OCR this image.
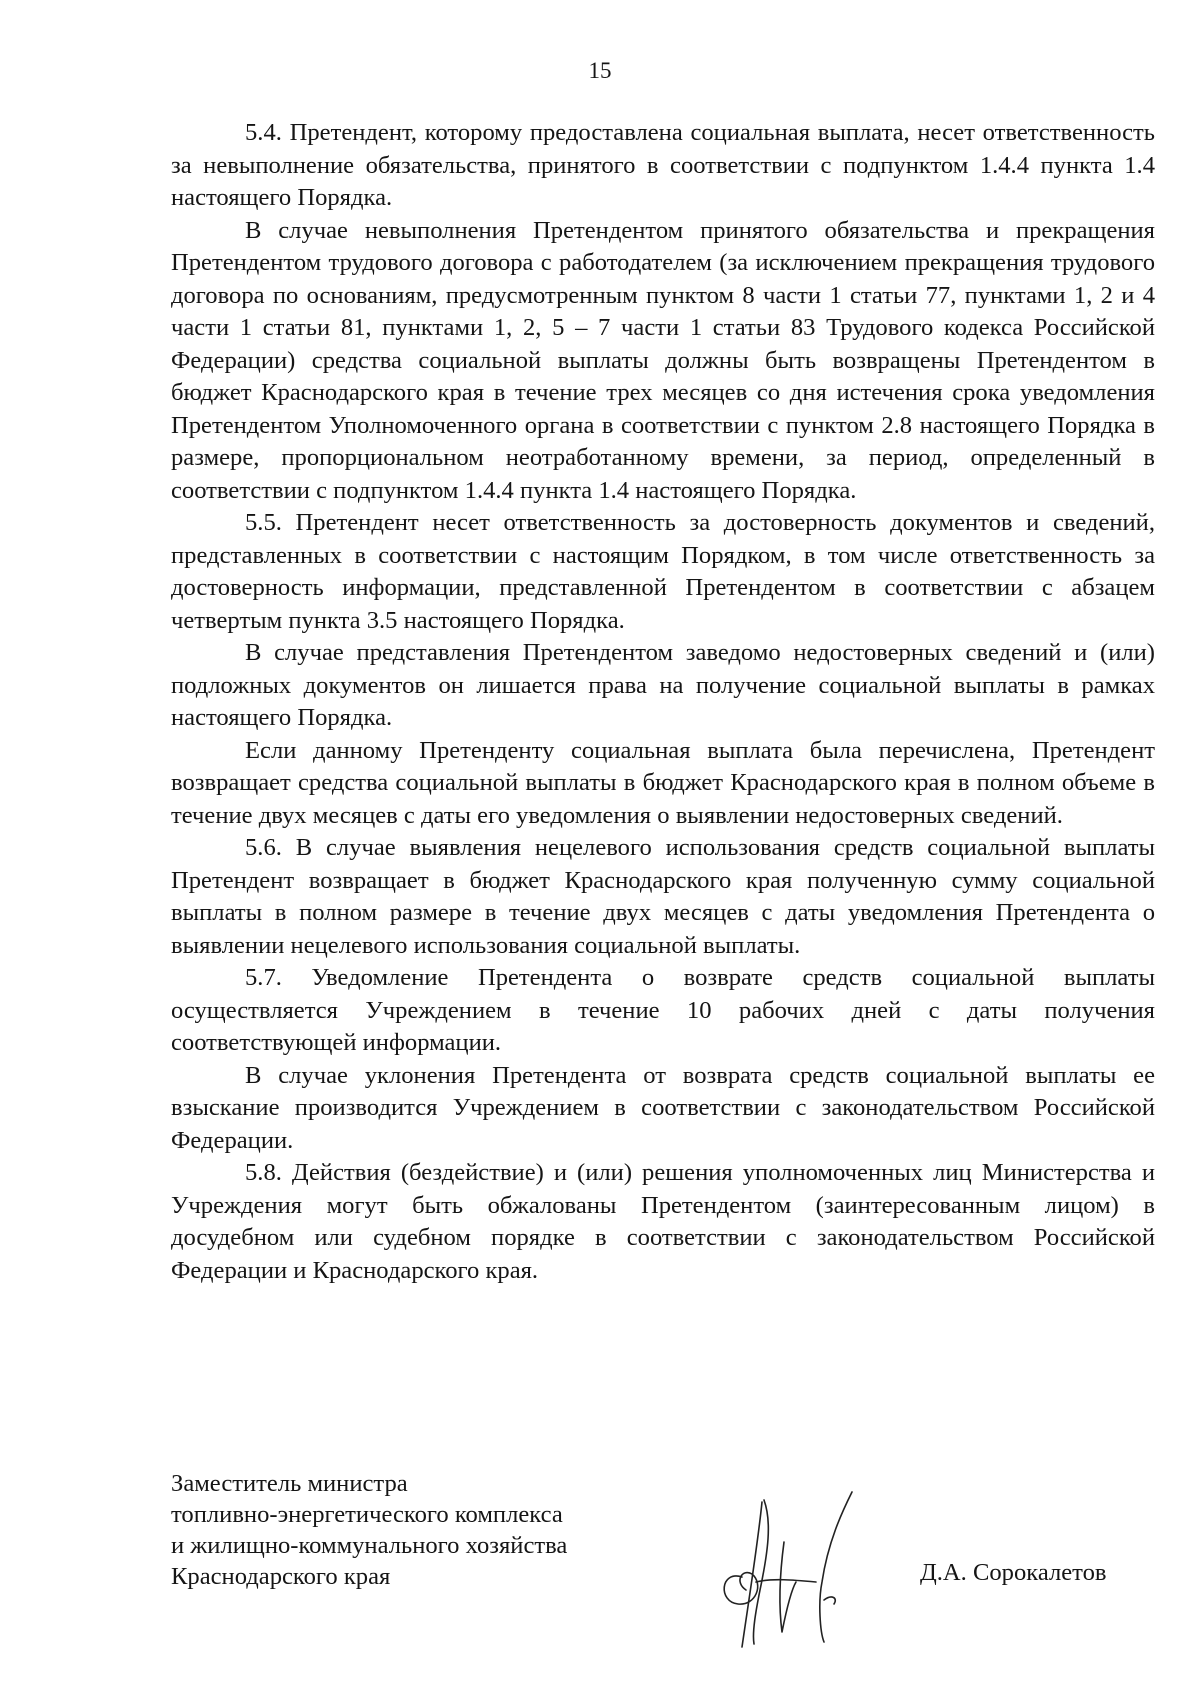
15

5.4. Претендент, которому предоставлена социальная выплата, несет ответственность за невыполнение обязательства, принятого в соответствии с подпунктом 1.4.4 пункта 1.4 настоящего Порядка.

В случае невыполнения Претендентом принятого обязательства и прекращения Претендентом трудового договора с работодателем (за исключением прекращения трудового договора по основаниям, предусмотренным пунктом 8 части 1 статьи 77, пунктами 1, 2 и 4 части 1 статьи 81, пунктами 1, 2, 5 – 7 части 1 статьи 83 Трудового кодекса Российской Федерации) средства социальной выплаты должны быть возвращены Претендентом в бюджет Краснодарского края в течение трех месяцев со дня истечения срока уведомления Претендентом Уполномоченного органа в соответствии с пунктом 2.8 настоящего Порядка в размере, пропорциональном неотработанному времени, за период, определенный в соответствии с подпунктом 1.4.4 пункта 1.4 настоящего Порядка.

5.5. Претендент несет ответственность за достоверность документов и сведений, представленных в соответствии с настоящим Порядком, в том числе ответственность за достоверность информации, представленной Претендентом в соответствии с абзацем четвертым пункта 3.5 настоящего Порядка.

В случае представления Претендентом заведомо недостоверных сведений и (или) подложных документов он лишается права на получение социальной выплаты в рамках настоящего Порядка.

Если данному Претенденту социальная выплата была перечислена, Претендент возвращает средства социальной выплаты в бюджет Краснодарского края в полном объеме в течение двух месяцев с даты его уведомления о выявлении недостоверных сведений.

5.6. В случае выявления нецелевого использования средств социальной выплаты Претендент возвращает в бюджет Краснодарского края полученную сумму социальной выплаты в полном размере в течение двух месяцев с даты уведомления Претендента о выявлении нецелевого использования социальной выплаты.

5.7. Уведомление Претендента о возврате средств социальной выплаты осуществляется Учреждением в течение 10 рабочих дней с даты получения соответствующей информации.

В случае уклонения Претендента от возврата средств социальной выплаты ее взыскание производится Учреждением в соответствии с законодательством Российской Федерации.

5.8. Действия (бездействие) и (или) решения уполномоченных лиц Министерства и Учреждения могут быть обжалованы Претендентом (заинтересованным лицом) в досудебном или судебном порядке в соответствии с законодательством Российской Федерации и Краснодарского края.

Заместитель министра
топливно-энергетического комплекса
и жилищно-коммунального хозяйства
Краснодарского края	Д.А. Сорокалетов
